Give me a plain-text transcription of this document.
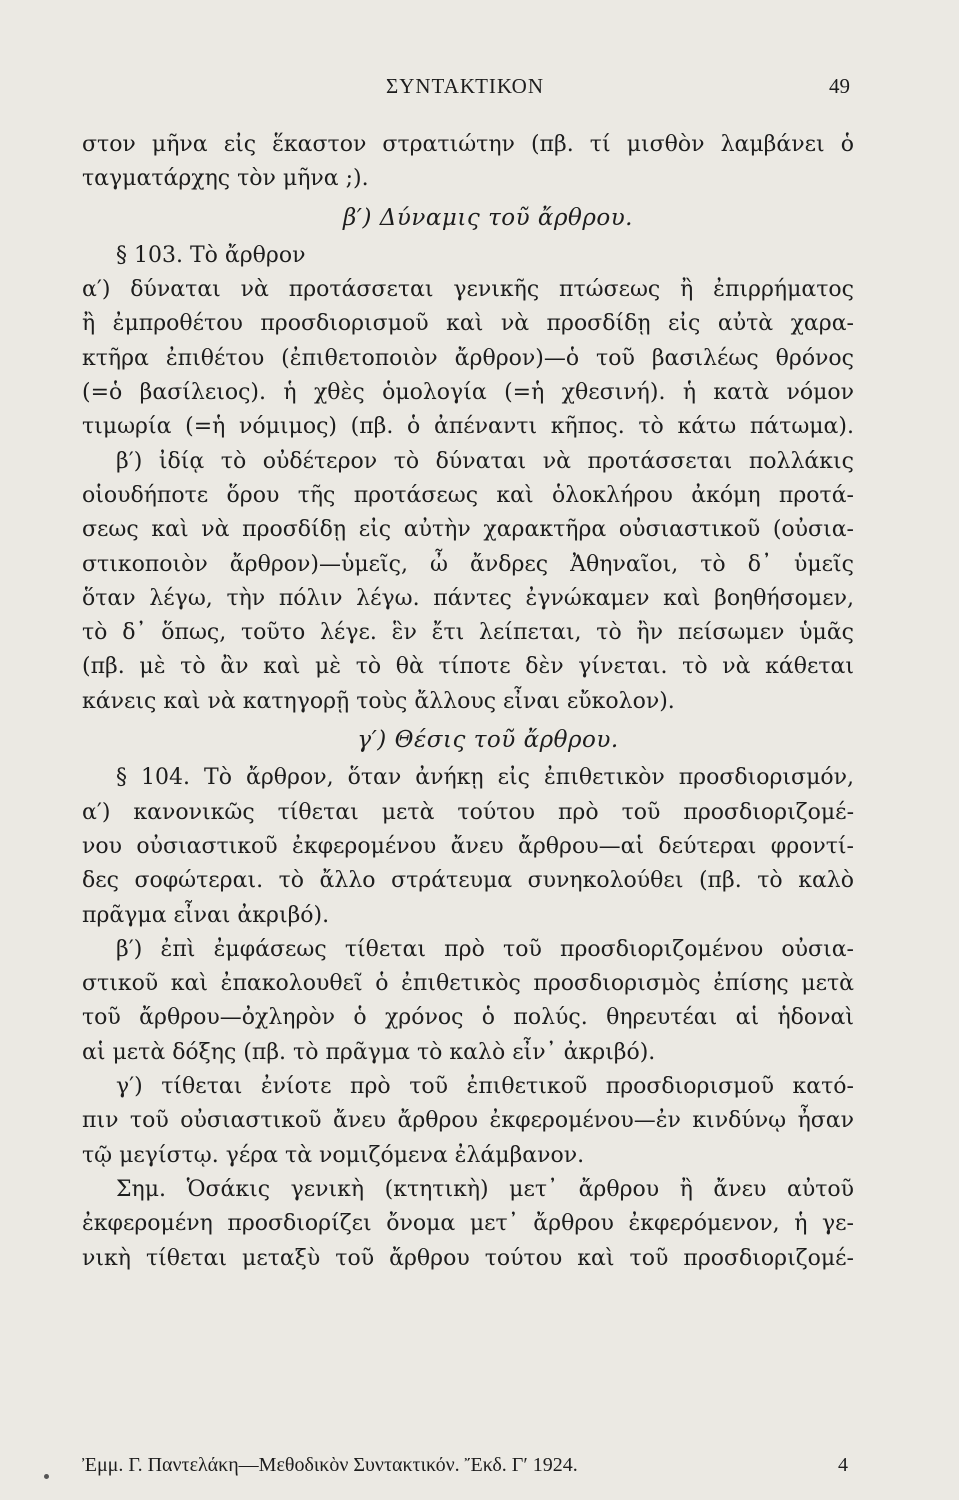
ΣΥΝΤΑΚΤΙΚΟΝ	49
στον μῆνα εἰς ἕκαστον στρατιώτην (πβ. τί μισθὸν λαμβάνει ὁ
ταγματάρχης τὸν μῆνα ;).
β′) Δύναμις τοῦ ἄρθρου.
§ 103. Τὸ ἄρθρον
α′) δύναται νὰ προτάσσεται γενικῆς πτώσεως ἢ ἐπιρρήματος
ἢ ἐμπροθέτου προσδιορισμοῦ καὶ νὰ προσδίδῃ εἰς αὐτὰ χαρα-
κτῆρα ἐπιθέτου (ἐπιθετοποιὸν ἄρθρον)—ὁ τοῦ βασιλέως θρόνος
(=ὁ βασίλειος). ἡ χθὲς ὁμολογία (=ἡ χθεσινή). ἡ κατὰ νόμον
τιμωρία (=ἡ νόμιμος) (πβ. ὁ ἀπέναντι κῆπος. τὸ κάτω πάτωμα).
β′) ἰδίᾳ τὸ οὐδέτερον τὸ δύναται νὰ προτάσσεται πολλάκις
οἱουδήποτε ὅρου τῆς προτάσεως καὶ ὁλοκλήρου ἀκόμη προτά-
σεως καὶ νὰ προσδίδῃ εἰς αὐτὴν χαρακτῆρα οὐσιαστικοῦ (οὐσια-
στικοποιὸν ἄρθρον)—ὑμεῖς, ὦ ἄνδρες Ἀθηναῖοι, τὸ δ᾽ ὑμεῖς
ὅταν λέγω, τὴν πόλιν λέγω. πάντες ἐγνώκαμεν καὶ βοηθήσομεν,
τὸ δ᾽ ὅπως, τοῦτο λέγε. ἓν ἔτι λείπεται, τὸ ἢν πείσωμεν ὑμᾶς
(πβ. μὲ τὸ ἂν καὶ μὲ τὸ θὰ τίποτε δὲν γίνεται. τὸ νὰ κάθεται
κάνεις καὶ νὰ κατηγορῇ τοὺς ἄλλους εἶναι εὔκολον).
γ′) Θέσις τοῦ ἄρθρου.
§ 104. Τὸ ἄρθρον, ὅταν ἀνήκῃ εἰς ἐπιθετικὸν προσδιορισμόν,
α′) κανονικῶς τίθεται μετὰ τούτου πρὸ τοῦ προσδιοριζομέ-
νου οὐσιαστικοῦ ἐκφερομένου ἄνευ ἄρθρου—αἱ δεύτεραι φροντί-
δες σοφώτεραι. τὸ ἄλλο στράτευμα συνηκολούθει (πβ. τὸ καλὸ
πρᾶγμα εἶναι ἀκριβό).
β′) ἐπὶ ἐμφάσεως τίθεται πρὸ τοῦ προσδιοριζομένου οὐσια-
στικοῦ καὶ ἐπακολουθεῖ ὁ ἐπιθετικὸς προσδιορισμὸς ἐπίσης μετὰ
τοῦ ἄρθρου—ὀχληρὸν ὁ χρόνος ὁ πολύς. θηρευτέαι αἱ ἡδοναὶ
αἱ μετὰ δόξης (πβ. τὸ πρᾶγμα τὸ καλὸ εἶν᾽ ἀκριβό).
γ′) τίθεται ἐνίοτε πρὸ τοῦ ἐπιθετικοῦ προσδιορισμοῦ κατό-
πιν τοῦ οὐσιαστικοῦ ἄνευ ἄρθρου ἐκφερομένου—ἐν κινδύνῳ ἦσαν
τῷ μεγίστῳ. γέρα τὰ νομιζόμενα ἐλάμβανον.
Σημ. Ὁσάκις γενικὴ (κτητικὴ) μετ᾽ ἄρθρου ἢ ἄνευ αὐτοῦ
ἐκφερομένη προσδιορίζει ὄνομα μετ᾽ ἄρθρου ἐκφερόμενον, ἡ γε-
νικὴ τίθεται μεταξὺ τοῦ ἄρθρου τούτου καὶ τοῦ προσδιοριζομέ-
Ἐμμ. Γ. Παντελάκη—Μεθοδικὸν Συντακτικόν. Ἔκδ. Γ′ 1924.	4
